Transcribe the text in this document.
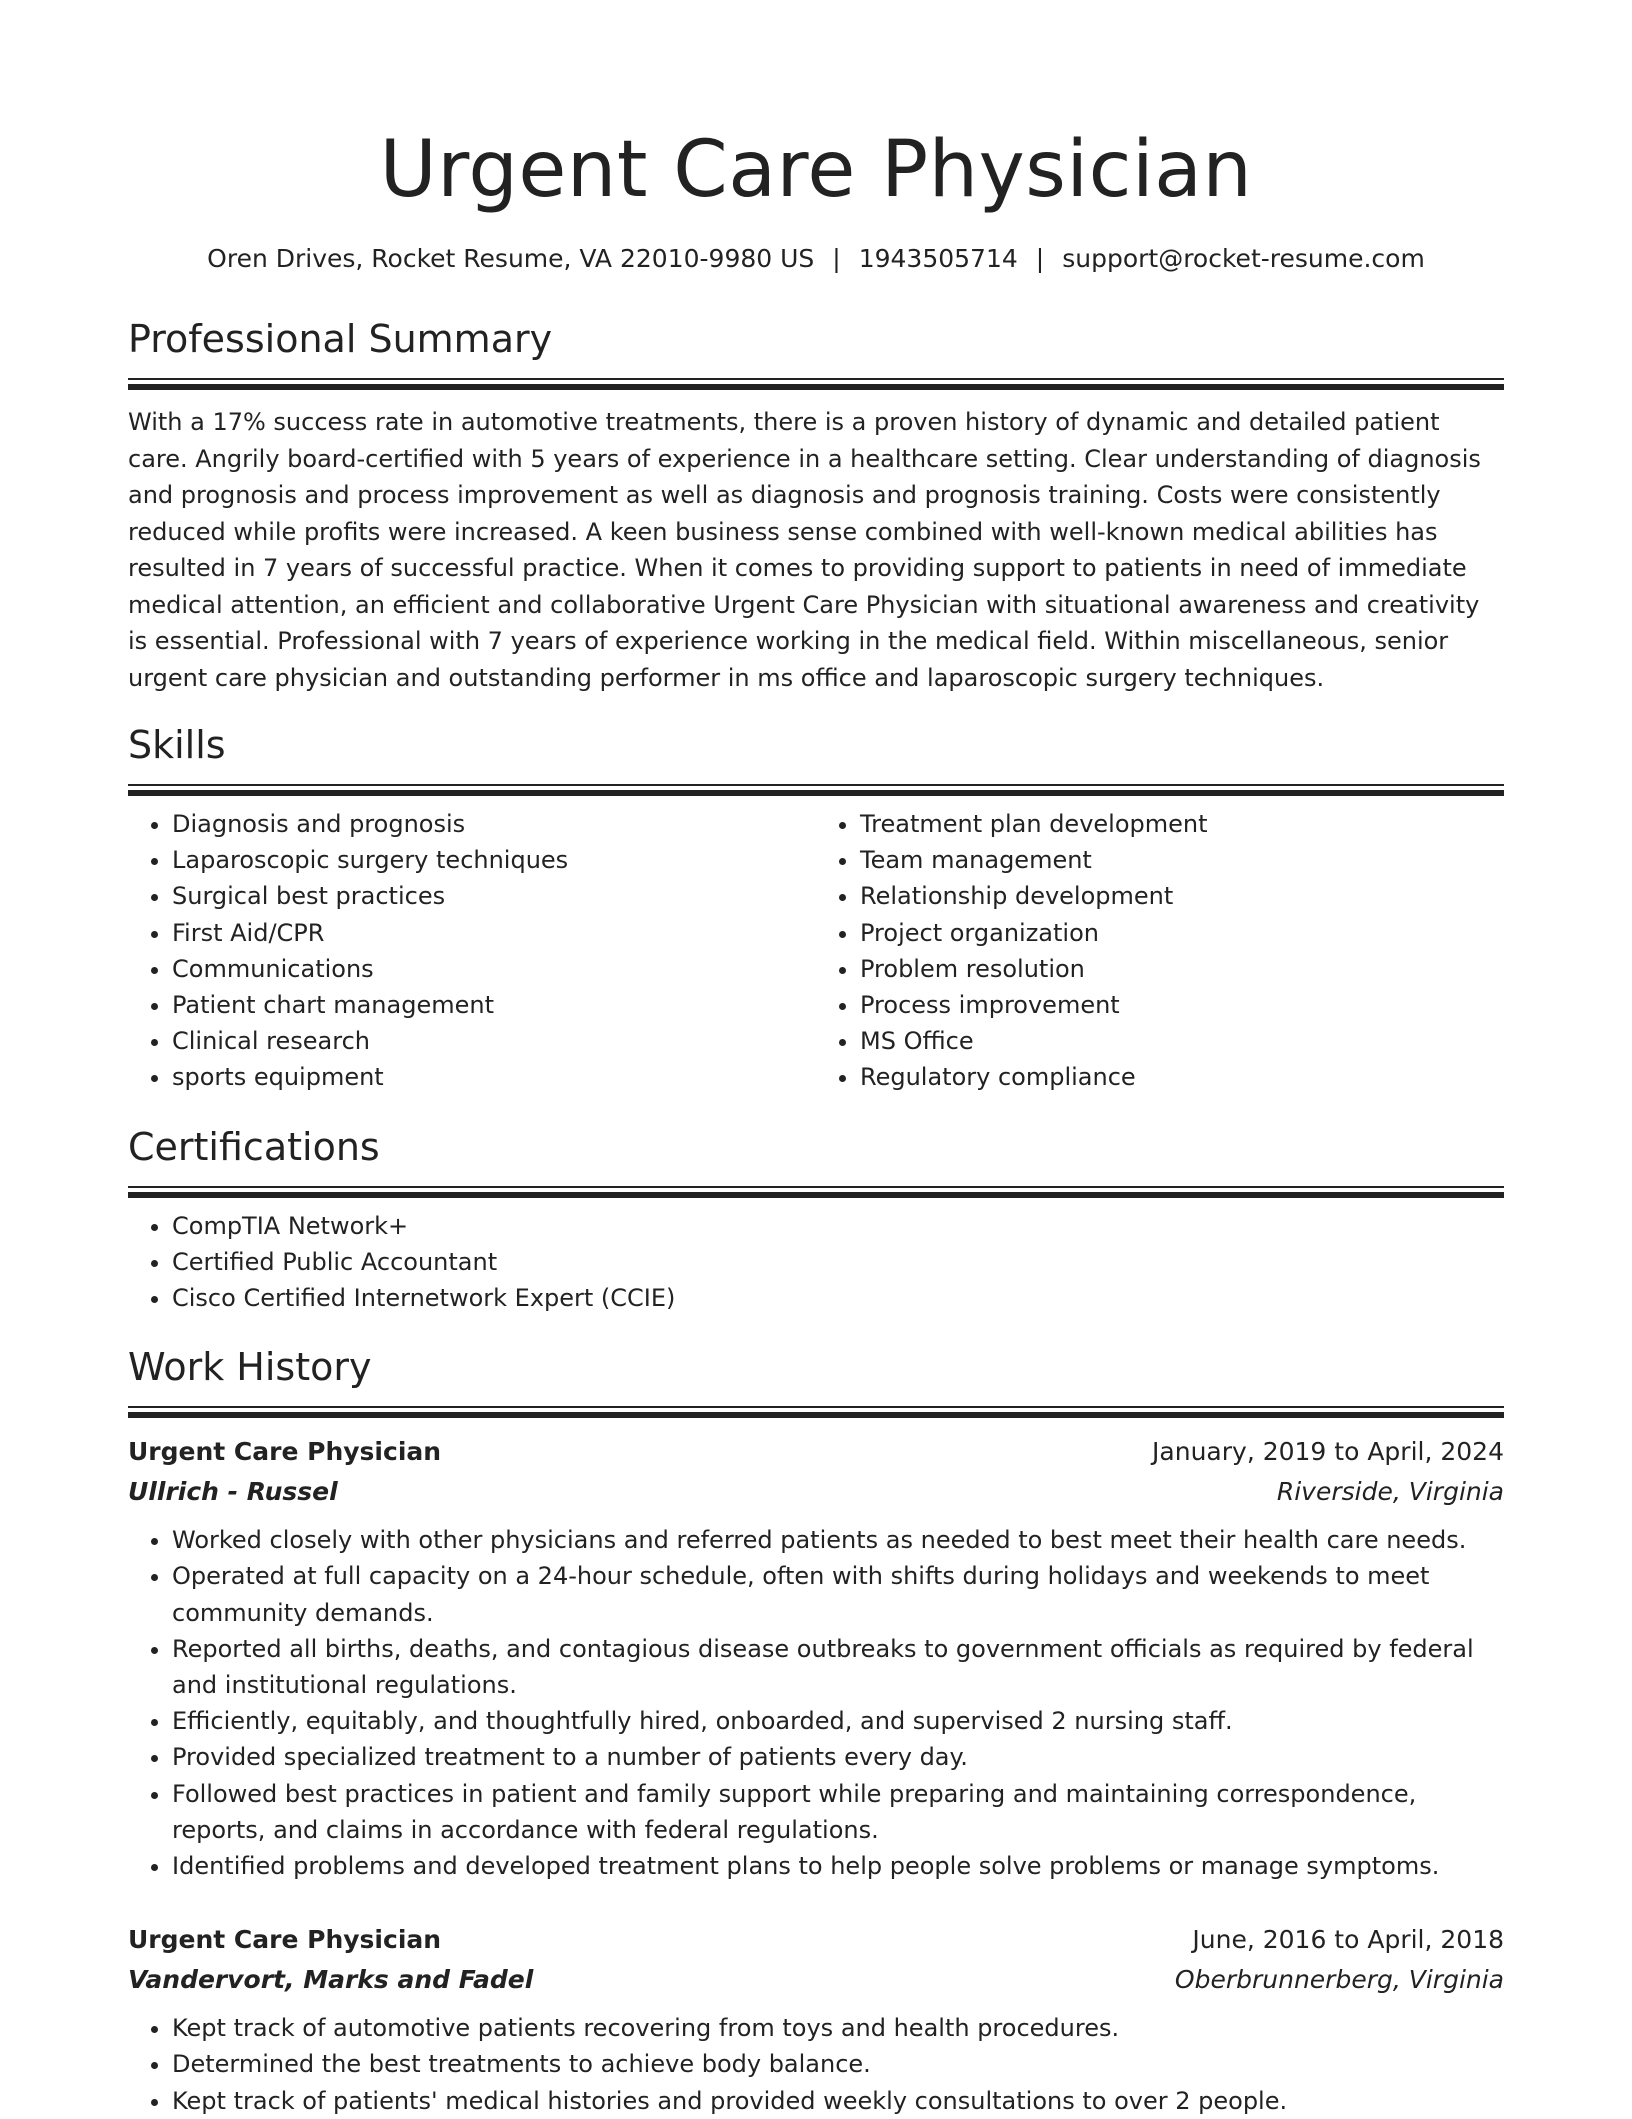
Urgent Care Physician
Oren Drives, Rocket Resume, VA 22010-9980 US | 1943505714 | support@rocket-resume.com
Professional Summary
With a 17% success rate in automotive treatments, there is a proven history of dynamic and detailed patient care. Angrily board-certified with 5 years of experience in a healthcare setting. Clear understanding of diagnosis and prognosis and process improvement as well as diagnosis and prognosis training. Costs were consistently reduced while profits were increased. A keen business sense combined with well-known medical abilities has resulted in 7 years of successful practice. When it comes to providing support to patients in need of immediate medical attention, an efficient and collaborative Urgent Care Physician with situational awareness and creativity is essential. Professional with 7 years of experience working in the medical field. Within miscellaneous, senior urgent care physician and outstanding performer in ms office and laparoscopic surgery techniques.
Skills
• Diagnosis and prognosis
• Laparoscopic surgery techniques
• Surgical best practices
• First Aid/CPR
• Communications
• Patient chart management
• Clinical research
• sports equipment
• Treatment plan development
• Team management
• Relationship development
• Project organization
• Problem resolution
• Process improvement
• MS Office
• Regulatory compliance
Certifications
• CompTIA Network+
• Certified Public Accountant
• Cisco Certified Internetwork Expert (CCIE)
Work History
Urgent Care Physician	January, 2019 to April, 2024
Ullrich - Russel	Riverside, Virginia
• Worked closely with other physicians and referred patients as needed to best meet their health care needs.
• Operated at full capacity on a 24-hour schedule, often with shifts during holidays and weekends to meet community demands.
• Reported all births, deaths, and contagious disease outbreaks to government officials as required by federal and institutional regulations.
• Efficiently, equitably, and thoughtfully hired, onboarded, and supervised 2 nursing staff.
• Provided specialized treatment to a number of patients every day.
• Followed best practices in patient and family support while preparing and maintaining correspondence, reports, and claims in accordance with federal regulations.
• Identified problems and developed treatment plans to help people solve problems or manage symptoms.
Urgent Care Physician	June, 2016 to April, 2018
Vandervort, Marks and Fadel	Oberbrunnerberg, Virginia
• Kept track of automotive patients recovering from toys and health procedures.
• Determined the best treatments to achieve body balance.
• Kept track of patients' medical histories and provided weekly consultations to over 2 people.
